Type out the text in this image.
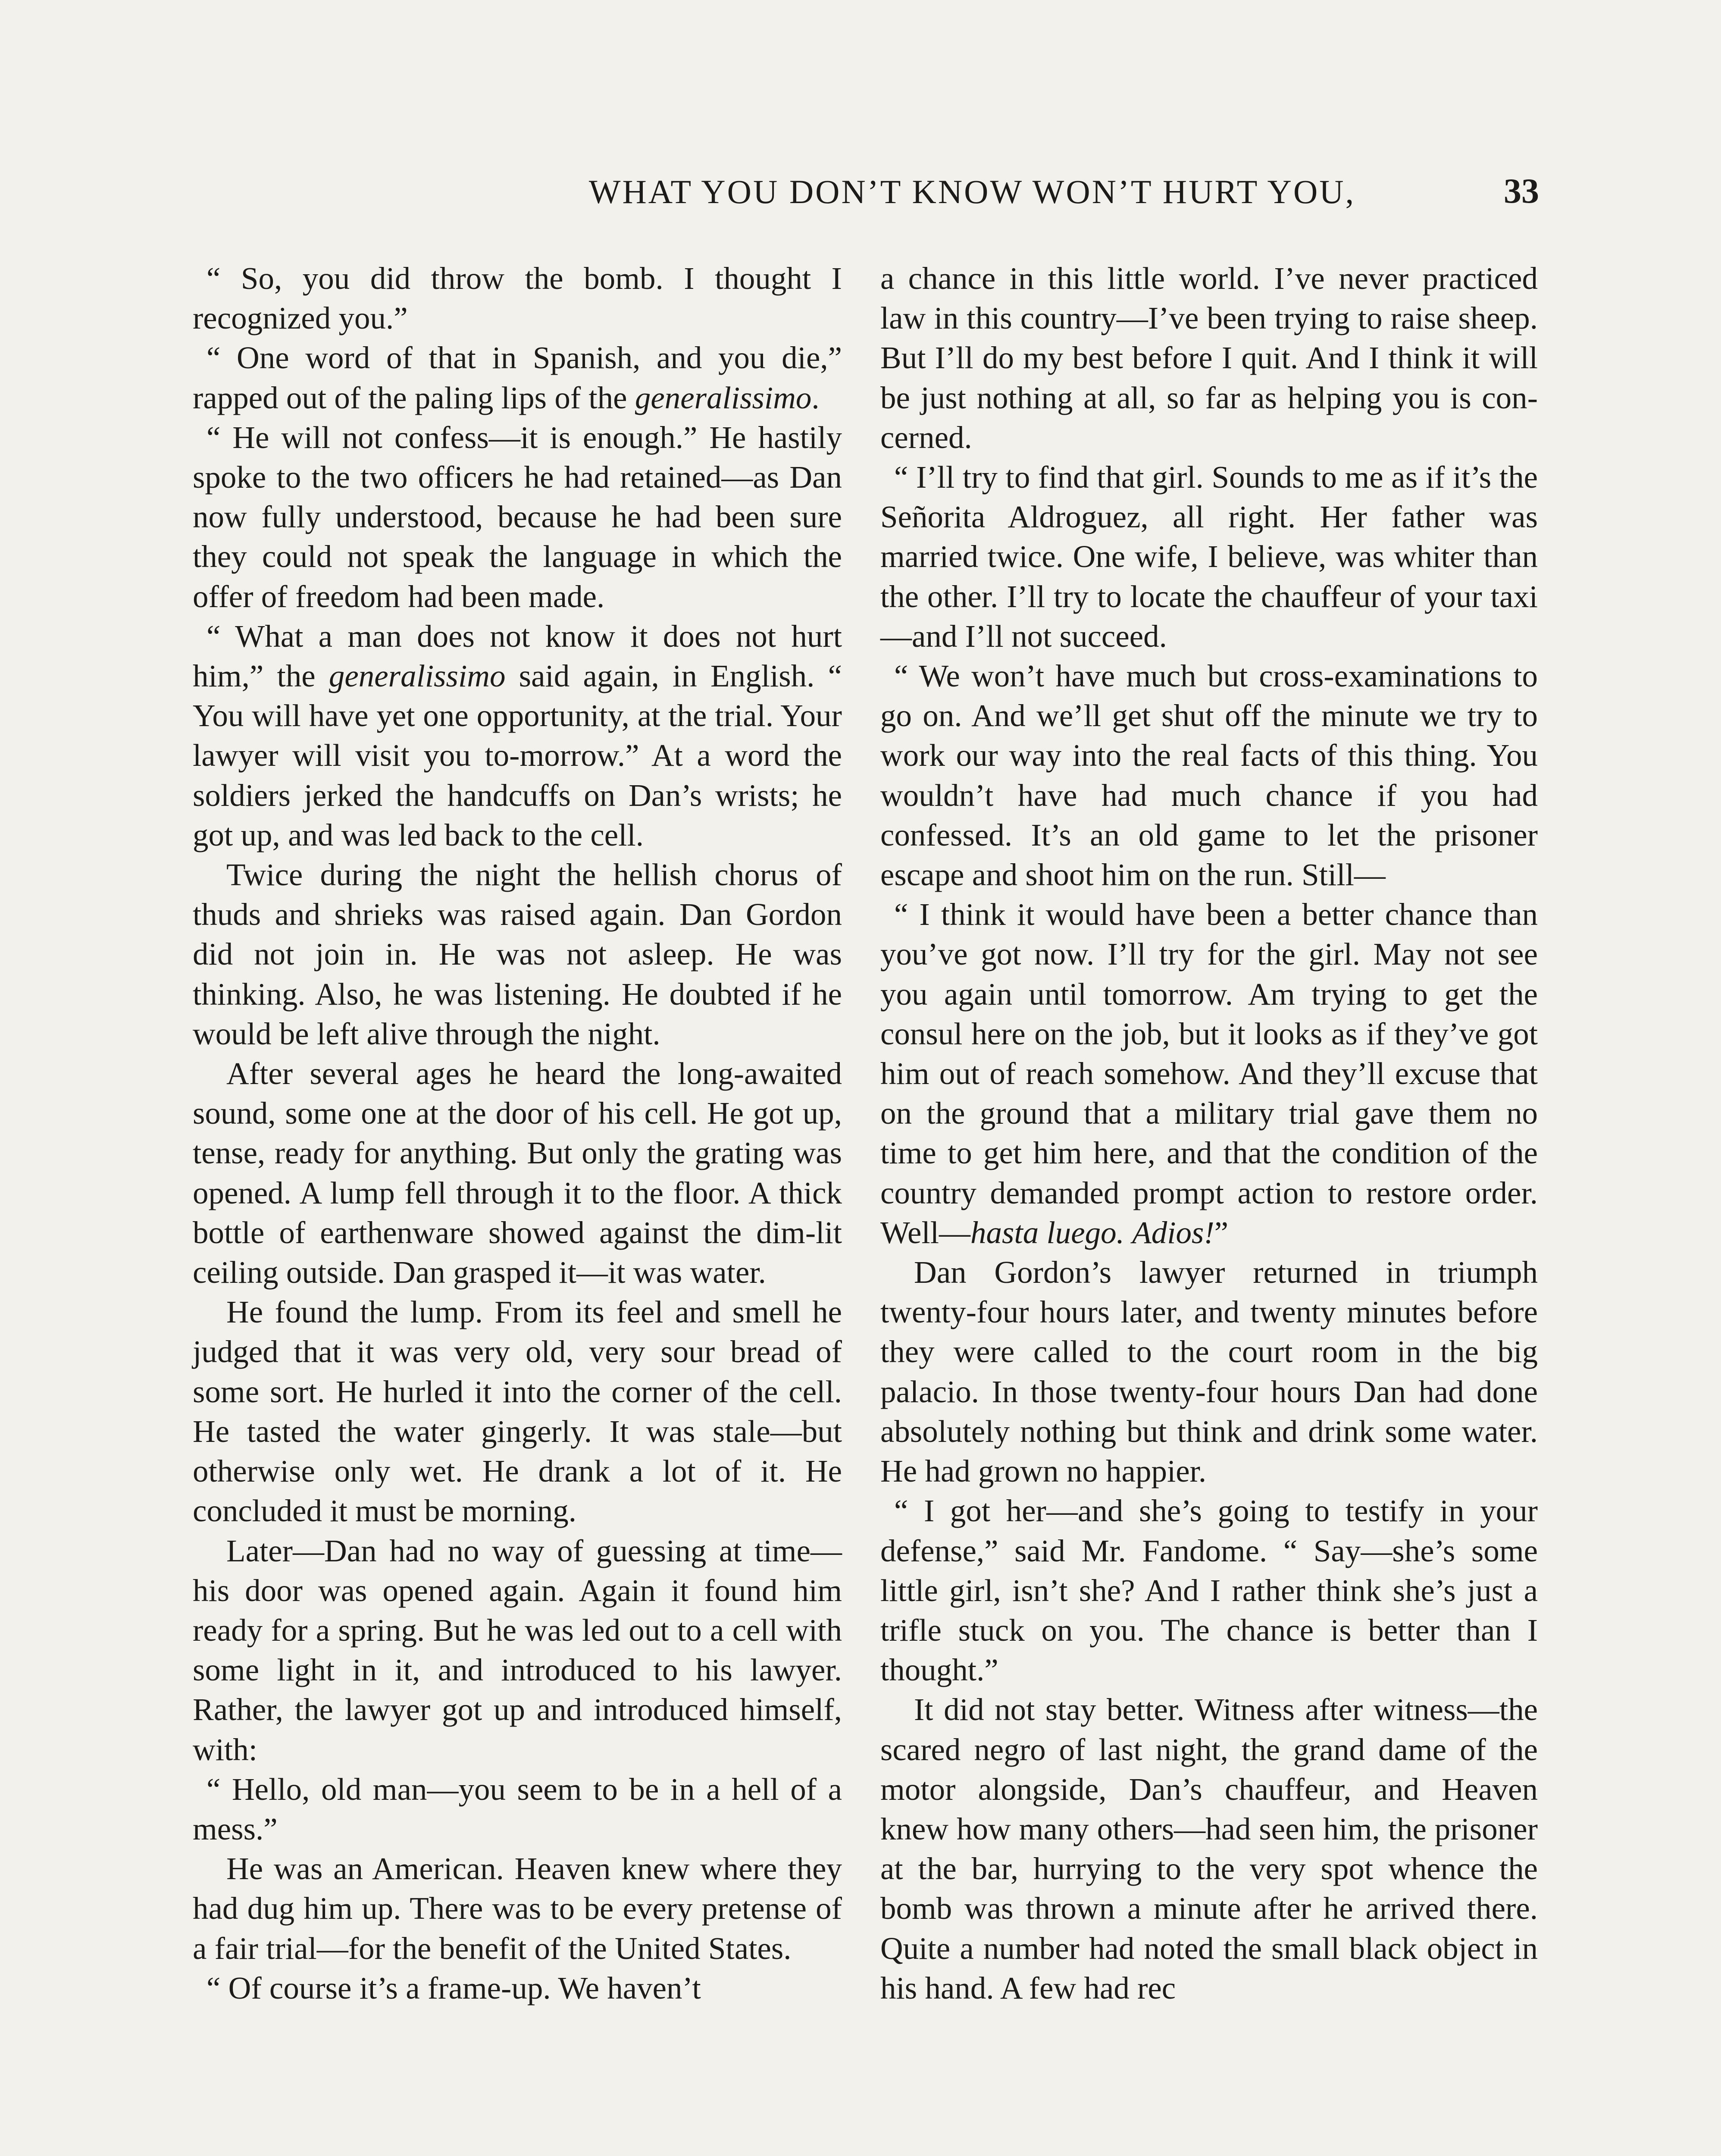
WHAT YOU DON’T KNOW WON’T HURT YOU,	33

“ So, you did throw the bomb. I thought I recognized you.”

“ One word of that in Spanish, and you die,” rapped out of the paling lips of the generalissimo.

“ He will not confess—it is enough.” He hastily spoke to the two officers he had retained—as Dan now fully understood, because he had been sure they could not speak the language in which the offer of freedom had been made.

“ What a man does not know it does not hurt him,” the generalissimo said again, in English. “ You will have yet one opportunity, at the trial. Your lawyer will visit you to-morrow.” At a word the soldiers jerked the handcuffs on Dan’s wrists; he got up, and was led back to the cell.

Twice during the night the hellish chorus of thuds and shrieks was raised again. Dan Gordon did not join in. He was not asleep. He was thinking. Also, he was listening. He doubted if he would be left alive through the night.

After several ages he heard the long-awaited sound, some one at the door of his cell. He got up, tense, ready for anything. But only the grating was opened. A lump fell through it to the floor. A thick bottle of earthenware showed against the dim-lit ceiling outside. Dan grasped it—it was water.

He found the lump. From its feel and smell he judged that it was very old, very sour bread of some sort. He hurled it into the corner of the cell. He tasted the water gingerly. It was stale—but otherwise only wet. He drank a lot of it. He concluded it must be morning.

Later—Dan had no way of guessing at time—his door was opened again. Again it found him ready for a spring. But he was led out to a cell with some light in it, and introduced to his lawyer. Rather, the lawyer got up and introduced himself, with:

“ Hello, old man—you seem to be in a hell of a mess.”

He was an American. Heaven knew where they had dug him up. There was to be every pretense of a fair trial—for the benefit of the United States.

“ Of course it’s a frame-up. We haven’t

a chance in this little world. I’ve never practiced law in this country—I’ve been trying to raise sheep. But I’ll do my best before I quit. And I think it will be just nothing at all, so far as helping you is concerned.

“ I’ll try to find that girl. Sounds to me as if it’s the Señorita Aldroguez, all right. Her father was married twice. One wife, I believe, was whiter than the other. I’ll try to locate the chauffeur of your taxi —and I’ll not succeed.

“ We won’t have much but cross-examinations to go on. And we’ll get shut off the minute we try to work our way into the real facts of this thing. You wouldn’t have had much chance if you had confessed. It’s an old game to let the prisoner escape and shoot him on the run. Still—

“ I think it would have been a better chance than you’ve got now. I’ll try for the girl. May not see you again until tomorrow. Am trying to get the consul here on the job, but it looks as if they’ve got him out of reach somehow. And they’ll excuse that on the ground that a military trial gave them no time to get him here, and that the condition of the country demanded prompt action to restore order. Well—hasta luego. Adios!”

Dan Gordon’s lawyer returned in triumph twenty-four hours later, and twenty minutes before they were called to the court room in the big palacio. In those twenty-four hours Dan had done absolutely nothing but think and drink some water. He had grown no happier.

“ I got her—and she’s going to testify in your defense,” said Mr. Fandome. “ Say—she’s some little girl, isn’t she? And I rather think she’s just a trifle stuck on you. The chance is better than I thought.”

It did not stay better. Witness after witness—the scared negro of last night, the grand dame of the motor alongside, Dan’s chauffeur, and Heaven knew how many others—had seen him, the prisoner at the bar, hurrying to the very spot whence the bomb was thrown a minute after he arrived there. Quite a number had noted the small black object in his hand. A few had rec
